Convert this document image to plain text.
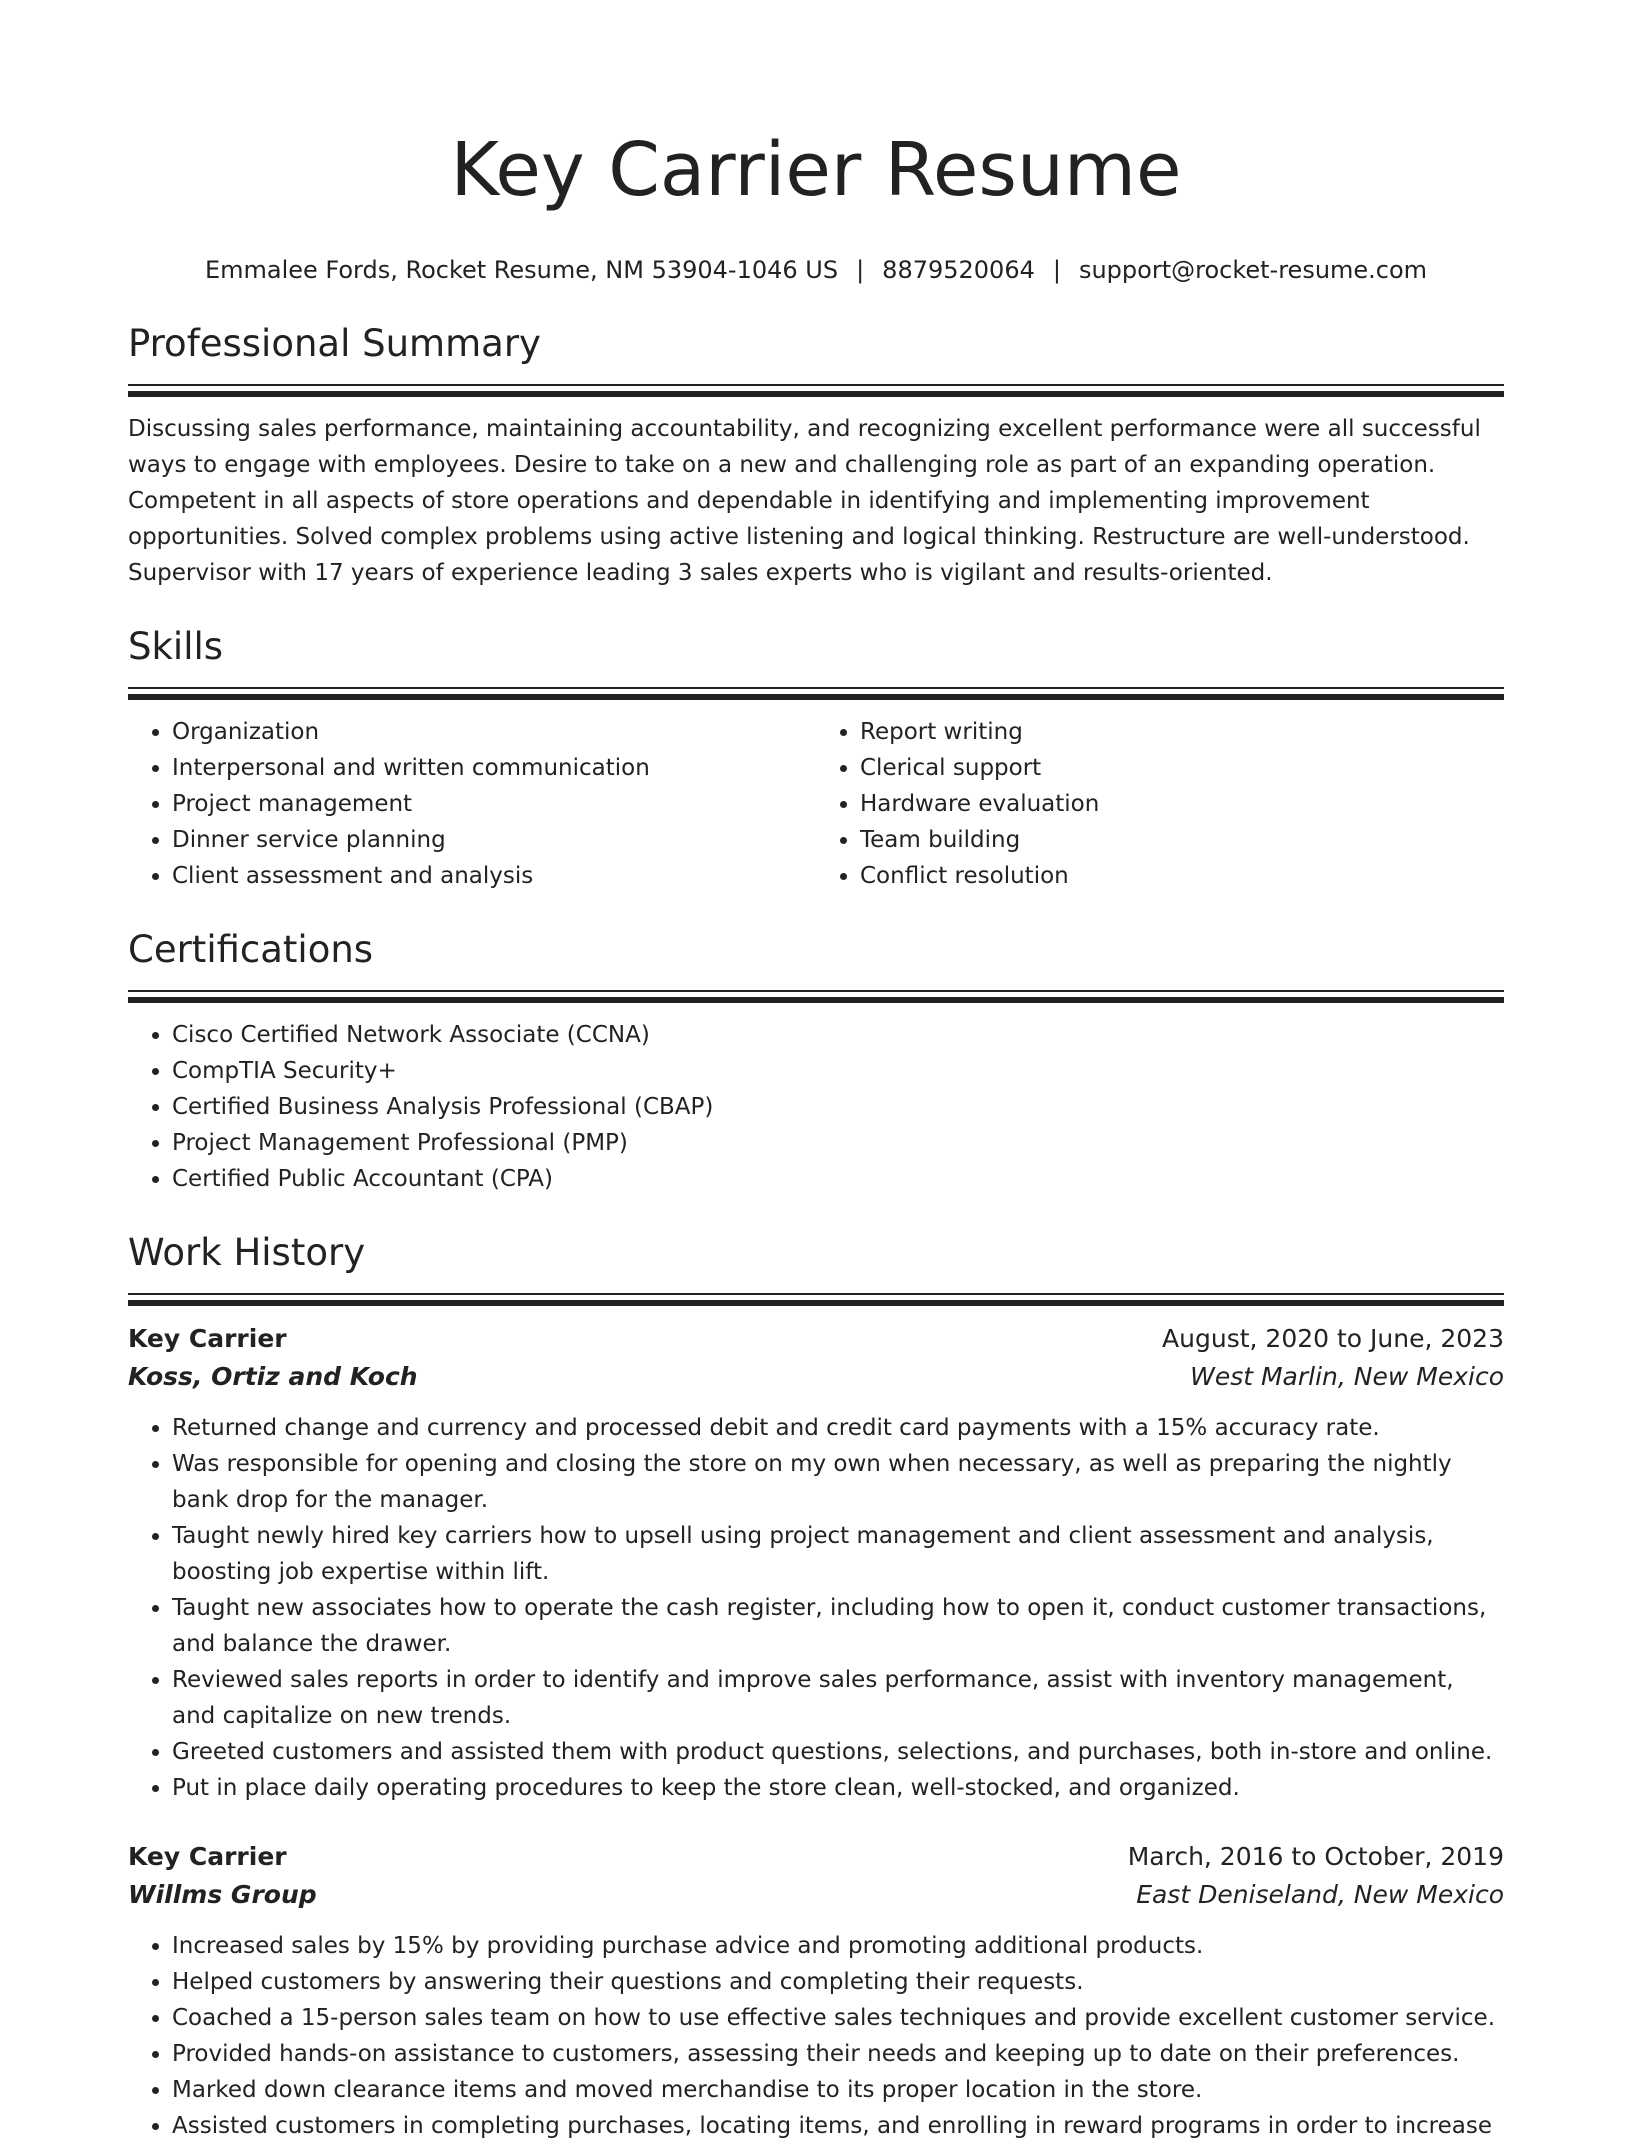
Key Carrier Resume
Emmalee Fords, Rocket Resume, NM 53904-1046 US | 8879520064 | support@rocket-resume.com
Professional Summary

Discussing sales performance, maintaining accountability, and recognizing excellent performance were all successful ways to engage with employees. Desire to take on a new and challenging role as part of an expanding operation. Competent in all aspects of store operations and dependable in identifying and implementing improvement opportunities. Solved complex problems using active listening and logical thinking. Restructure are well-understood. Supervisor with 17 years of experience leading 3 sales experts who is vigilant and results-oriented.

Skills
• Organization
• Interpersonal and written communication
• Project management
• Dinner service planning
• Client assessment and analysis
• Report writing
• Clerical support
• Hardware evaluation
• Team building
• Conflict resolution
Certifications
• Cisco Certified Network Associate (CCNA)
• CompTIA Security+
• Certified Business Analysis Professional (CBAP)
• Project Management Professional (PMP)
• Certified Public Accountant (CPA)
Work History
Key Carrier	August, 2020 to June, 2023
Koss, Ortiz and Koch	West Marlin, New Mexico
• Returned change and currency and processed debit and credit card payments with a 15% accuracy rate.
• Was responsible for opening and closing the store on my own when necessary, as well as preparing the nightly bank drop for the manager.
• Taught newly hired key carriers how to upsell using project management and client assessment and analysis, boosting job expertise within lift.
• Taught new associates how to operate the cash register, including how to open it, conduct customer transactions, and balance the drawer.
• Reviewed sales reports in order to identify and improve sales performance, assist with inventory management, and capitalize on new trends.
• Greeted customers and assisted them with product questions, selections, and purchases, both in-store and online.
• Put in place daily operating procedures to keep the store clean, well-stocked, and organized.
Key Carrier	March, 2016 to October, 2019
Willms Group	East Deniseland, New Mexico
• Increased sales by 15% by providing purchase advice and promoting additional products.
• Helped customers by answering their questions and completing their requests.
• Coached a 15-person sales team on how to use effective sales techniques and provide excellent customer service.
• Provided hands-on assistance to customers, assessing their needs and keeping up to date on their preferences.
• Marked down clearance items and moved merchandise to its proper location in the store.
• Assisted customers in completing purchases, locating items, and enrolling in reward programs in order to increase
